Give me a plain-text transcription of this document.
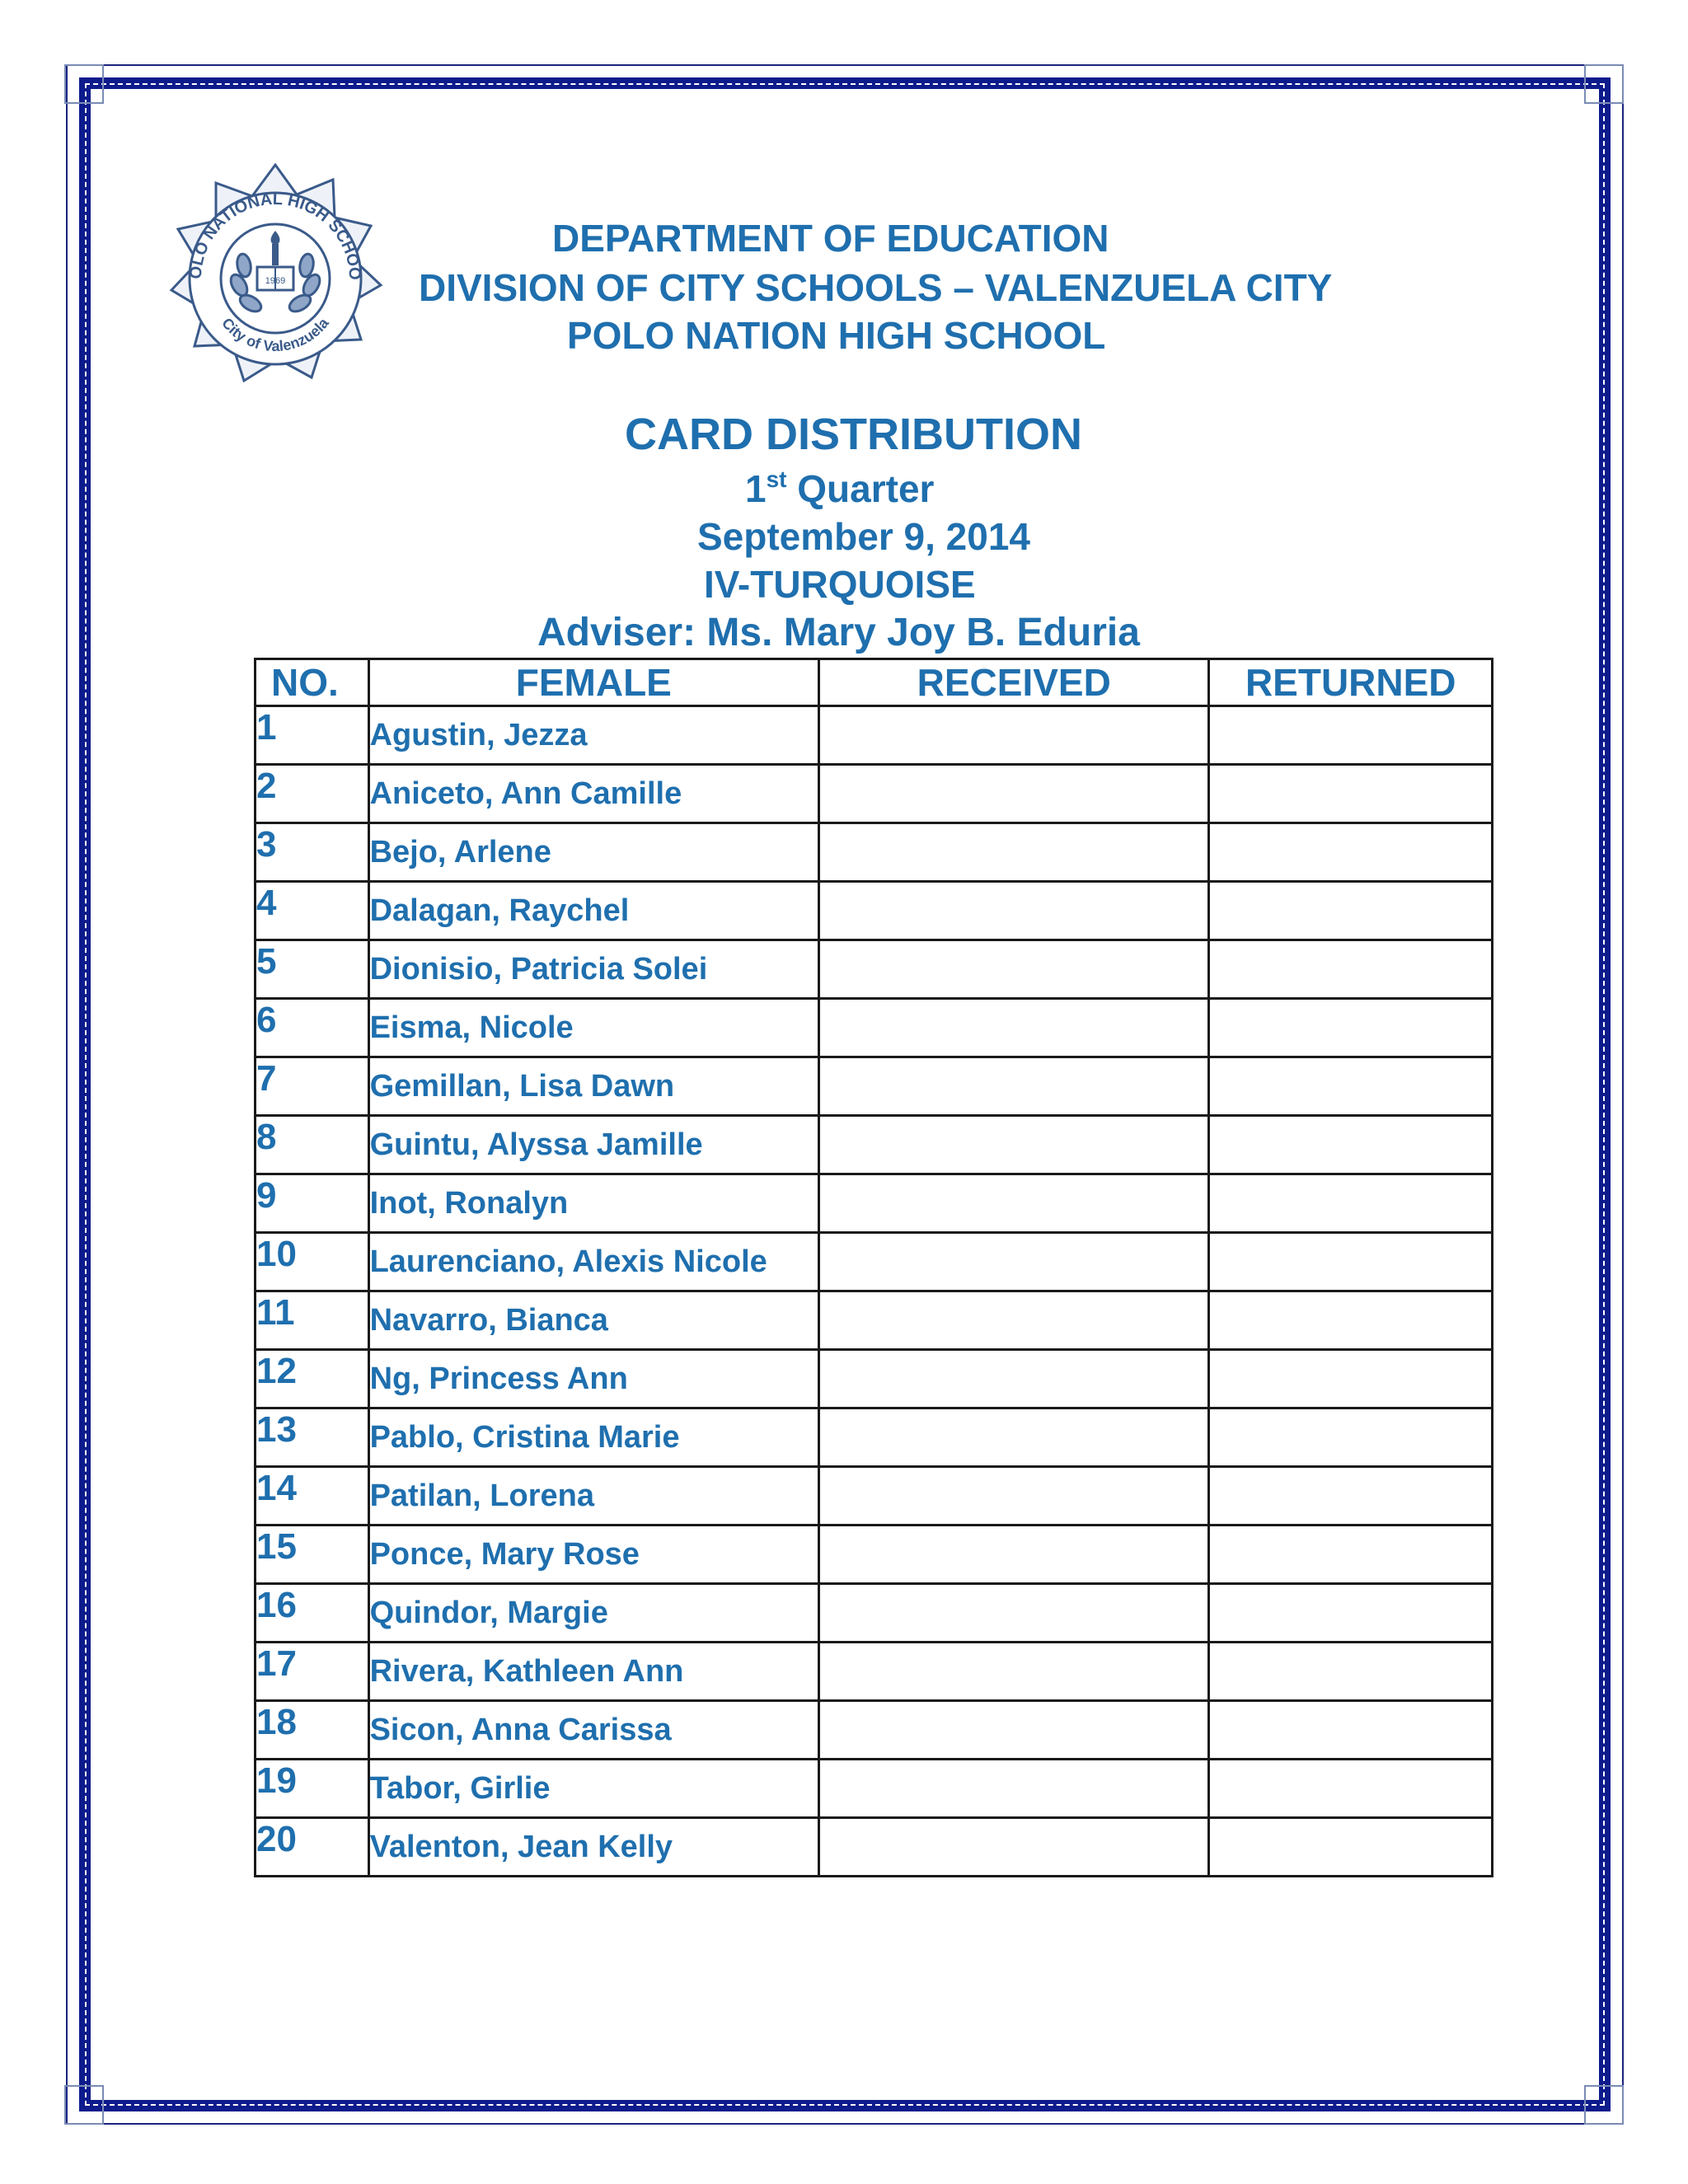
OLO NATIONAL HIGH SCHOO
City of Valenzuela
1969
DEPARTMENT OF EDUCATION
DIVISION OF CITY SCHOOLS – VALENZUELA CITY
POLO NATION HIGH SCHOOL
CARD DISTRIBUTION
1st Quarter
September 9, 2014
IV-TURQUOISE
Adviser: Ms. Mary Joy B. Eduria
NO.	FEMALE	RECEIVED	RETURNED
1	Agustin, Jezza		
2	Aniceto, Ann Camille		
3	Bejo, Arlene		
4	Dalagan, Raychel		
5	Dionisio, Patricia Solei		
6	Eisma, Nicole		
7	Gemillan, Lisa Dawn		
8	Guintu, Alyssa Jamille		
9	Inot, Ronalyn		
10	Laurenciano, Alexis Nicole		
11	Navarro, Bianca		
12	Ng, Princess Ann		
13	Pablo, Cristina Marie		
14	Patilan, Lorena		
15	Ponce, Mary Rose		
16	Quindor, Margie		
17	Rivera, Kathleen Ann		
18	Sicon, Anna Carissa		
19	Tabor, Girlie		
20	Valenton, Jean Kelly		
